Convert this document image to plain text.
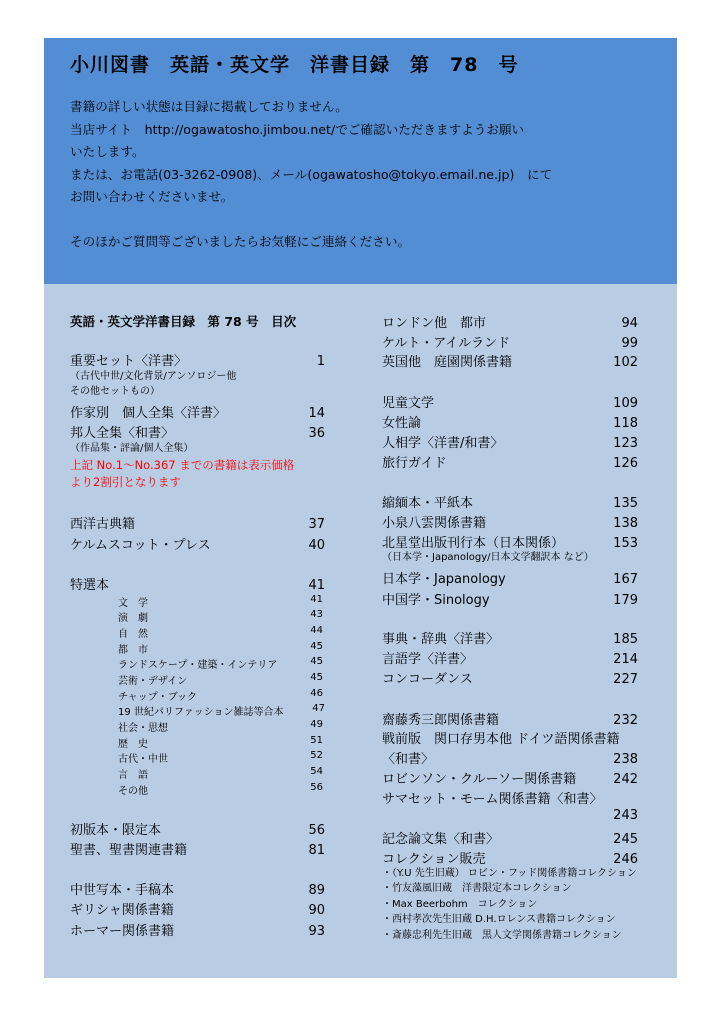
小川図書　英語・英文学　洋書目録　第　78　号

書籍の詳しい状態は目録に掲載しておりません。

当店サイト　http://ogawatosho.jimbou.net/でご確認いただきますようお願い

いたします。

または、お電話(03-3262-0908)、メール(ogawatosho@tokyo.email.ne.jp)　にて

お問い合わせくださいませ。

そのほかご質問等ございましたらお気軽にご連絡ください。

英語・英文学洋書目録　第 78 号　目次
重要セット〈洋書〉	1
（古代中世/文化背景/アンソロジー他
その他セットもの）
作家別　個人全集〈洋書〉	14
邦人全集〈和書〉	36
（作品集・評論/個人全集）
上記 No.1～No.367 までの書籍は表示価格
より2割引となります
西洋古典籍	37
ケルムスコット・プレス	40
特選本	41
文　学	41
演　劇	43
自　然	44
都　市	45
ランドスケープ・建築・インテリア	45
芸術・デザイン	45
チャップ・ブック	46
19 世紀パリファッション雑誌等合本	47
社会・思想	49
歴　史	51
古代・中世	52
言　語	54
その他	56
初版本・限定本	56
聖書、聖書関連書籍	81
中世写本・手稿本	89
ギリシャ関係書籍	90
ホーマー関係書籍	93
ロンドン他　都市	94
ケルト・アイルランド	99
英国他　庭園関係書籍	102
児童文学	109
女性論	118
人相学〈洋書/和書〉	123
旅行ガイド	126
縮緬本・平紙本	135
小泉八雲関係書籍	138
北星堂出版刊行本（日本関係）	153
（日本学・Japanology/日本文学翻訳本 など）
日本学・Japanology	167
中国学・Sinology	179
事典・辞典〈洋書〉	185
言語学〈洋書〉	214
コンコーダンス	227
齋藤秀三郎関係書籍	232
戦前版　関口存男本他 ドイツ語関係書籍
〈和書〉	238
ロビンソン・クルーソー関係書籍	242
サマセット・モーム関係書籍〈和書〉
243
記念論文集〈和書〉	245
コレクション販売	246
・（Y.U 先生旧蔵） ロビン・フッド関係書籍コレクション
・竹友藻風旧蔵　洋書限定本コレクション
・Max Beerbohm　コレクション
・西村孝次先生旧蔵 D.H.ロレンス書籍コレクション
・斎藤忠利先生旧蔵　黒人文学関係書籍コレクション
